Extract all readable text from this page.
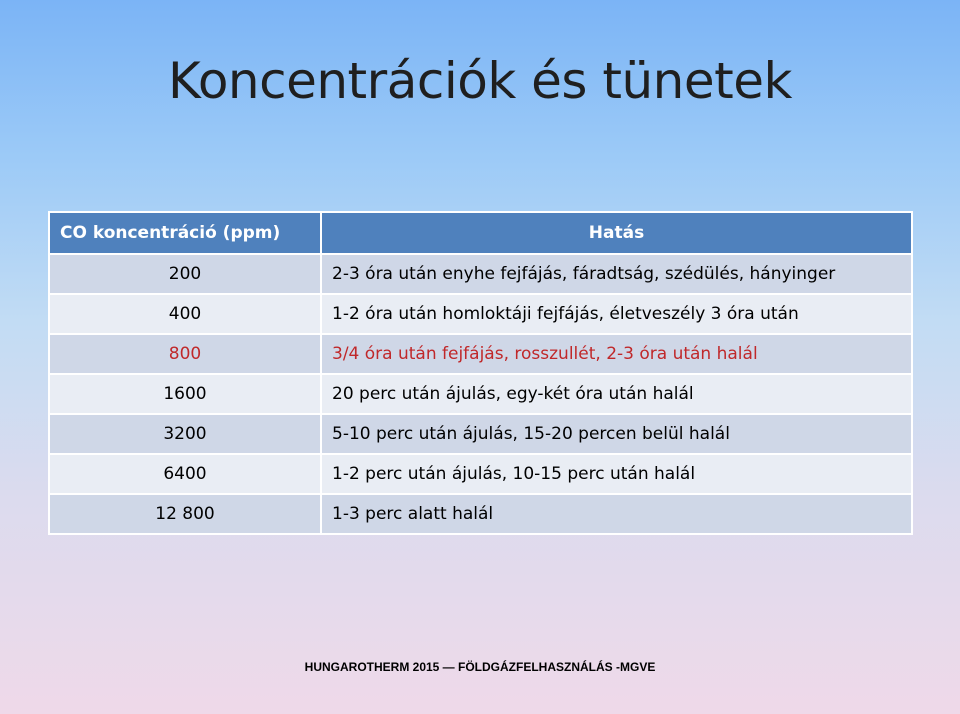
Koncentrációk és tünetek
CO koncentráció (ppm)	Hatás
200	2-3 óra után enyhe fejfájás, fáradtság, szédülés, hányinger
400	1-2 óra után homloktáji fejfájás, életveszély 3 óra után
800	3/4 óra után fejfájás, rosszullét, 2-3 óra után halál
1600	20 perc után ájulás, egy-két óra után halál
3200	5-10 perc után ájulás, 15-20 percen belül halál
6400	1-2 perc után ájulás, 10-15 perc után halál
12 800	1-3 perc alatt halál
HUNGAROTHERM 2015 — FÖLDGÁZFELHASZNÁLÁS -MGVE
